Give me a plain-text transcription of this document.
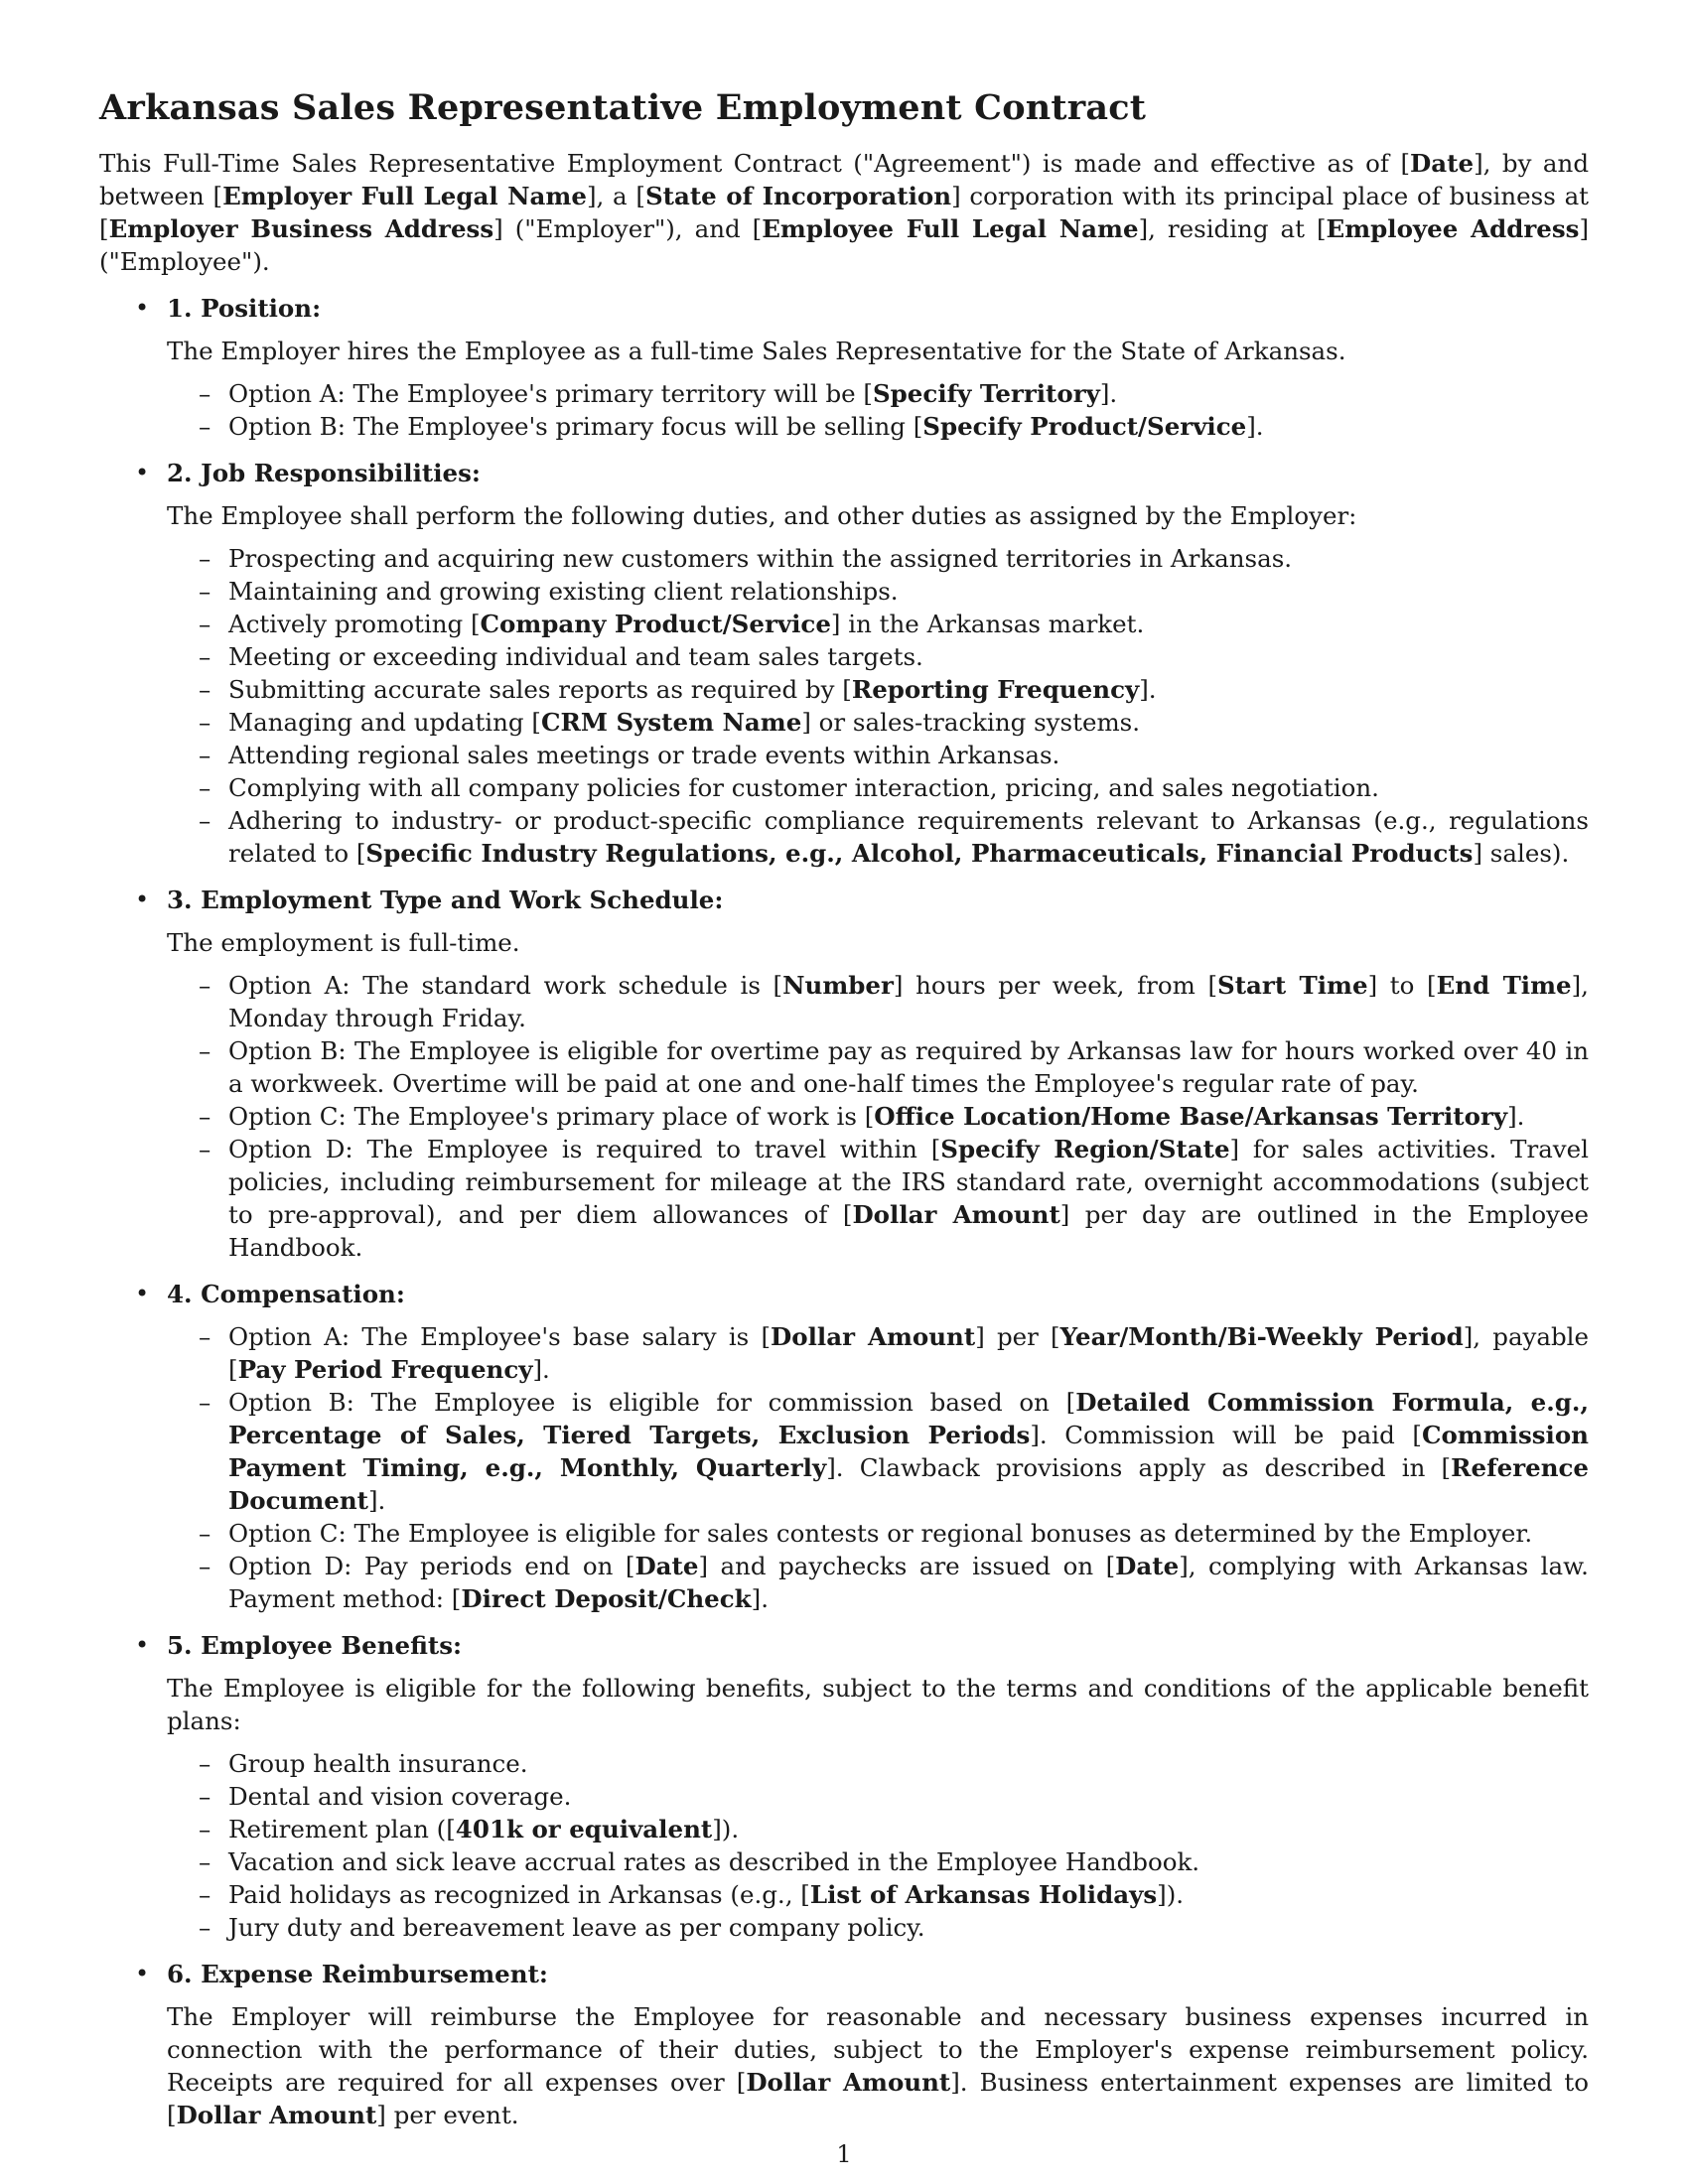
Arkansas Sales Representative Employment Contract

This Full-Time Sales Representative Employment Contract ("Agreement") is made and effective as of [Date], by and between [Employer Full Legal Name], a [State of Incorporation] corporation with its principal place of business at [Employer Business Address] ("Employer"), and [Employee Full Legal Name], residing at [Employee Address] ("Employee").

• 1. Position:
The Employer hires the Employee as a full-time Sales Representative for the State of Arkansas.
– Option A: The Employee's primary territory will be [Specify Territory].
– Option B: The Employee's primary focus will be selling [Specify Product/Service].
• 2. Job Responsibilities:
The Employee shall perform the following duties, and other duties as assigned by the Employer:
– Prospecting and acquiring new customers within the assigned territories in Arkansas.
– Maintaining and growing existing client relationships.
– Actively promoting [Company Product/Service] in the Arkansas market.
– Meeting or exceeding individual and team sales targets.
– Submitting accurate sales reports as required by [Reporting Frequency].
– Managing and updating [CRM System Name] or sales-tracking systems.
– Attending regional sales meetings or trade events within Arkansas.
– Complying with all company policies for customer interaction, pricing, and sales negotiation.
– Adhering to industry- or product-specific compliance requirements relevant to Arkansas (e.g., regulations related to [Specific Industry Regulations, e.g., Alcohol, Pharmaceuticals, Financial Products] sales).
• 3. Employment Type and Work Schedule:
The employment is full-time.
– Option A: The standard work schedule is [Number] hours per week, from [Start Time] to [End Time], Monday through Friday.
– Option B: The Employee is eligible for overtime pay as required by Arkansas law for hours worked over 40 in a workweek. Overtime will be paid at one and one-half times the Employee's regular rate of pay.
– Option C: The Employee's primary place of work is [Office Location/Home Base/Arkansas Territory].
– Option D: The Employee is required to travel within [Specify Region/State] for sales activities. Travel policies, including reimbursement for mileage at the IRS standard rate, overnight accommodations (subject to pre-approval), and per diem allowances of [Dollar Amount] per day are outlined in the Employee Handbook.
• 4. Compensation:
– Option A: The Employee's base salary is [Dollar Amount] per [Year/Month/Bi-Weekly Period], payable [Pay Period Frequency].
– Option B: The Employee is eligible for commission based on [Detailed Commission Formula, e.g., Percentage of Sales, Tiered Targets, Exclusion Periods]. Commission will be paid [Commission Payment Timing, e.g., Monthly, Quarterly]. Clawback provisions apply as described in [Reference Document].
– Option C: The Employee is eligible for sales contests or regional bonuses as determined by the Employer.
– Option D: Pay periods end on [Date] and paychecks are issued on [Date], complying with Arkansas law. Payment method: [Direct Deposit/Check].
• 5. Employee Benefits:
The Employee is eligible for the following benefits, subject to the terms and conditions of the applicable benefit plans:
– Group health insurance.
– Dental and vision coverage.
– Retirement plan ([401k or equivalent]).
– Vacation and sick leave accrual rates as described in the Employee Handbook.
– Paid holidays as recognized in Arkansas (e.g., [List of Arkansas Holidays]).
– Jury duty and bereavement leave as per company policy.
• 6. Expense Reimbursement:
The Employer will reimburse the Employee for reasonable and necessary business expenses incurred in connection with the performance of their duties, subject to the Employer's expense reimbursement policy. Receipts are required for all expenses over [Dollar Amount]. Business entertainment expenses are limited to [Dollar Amount] per event.
1
